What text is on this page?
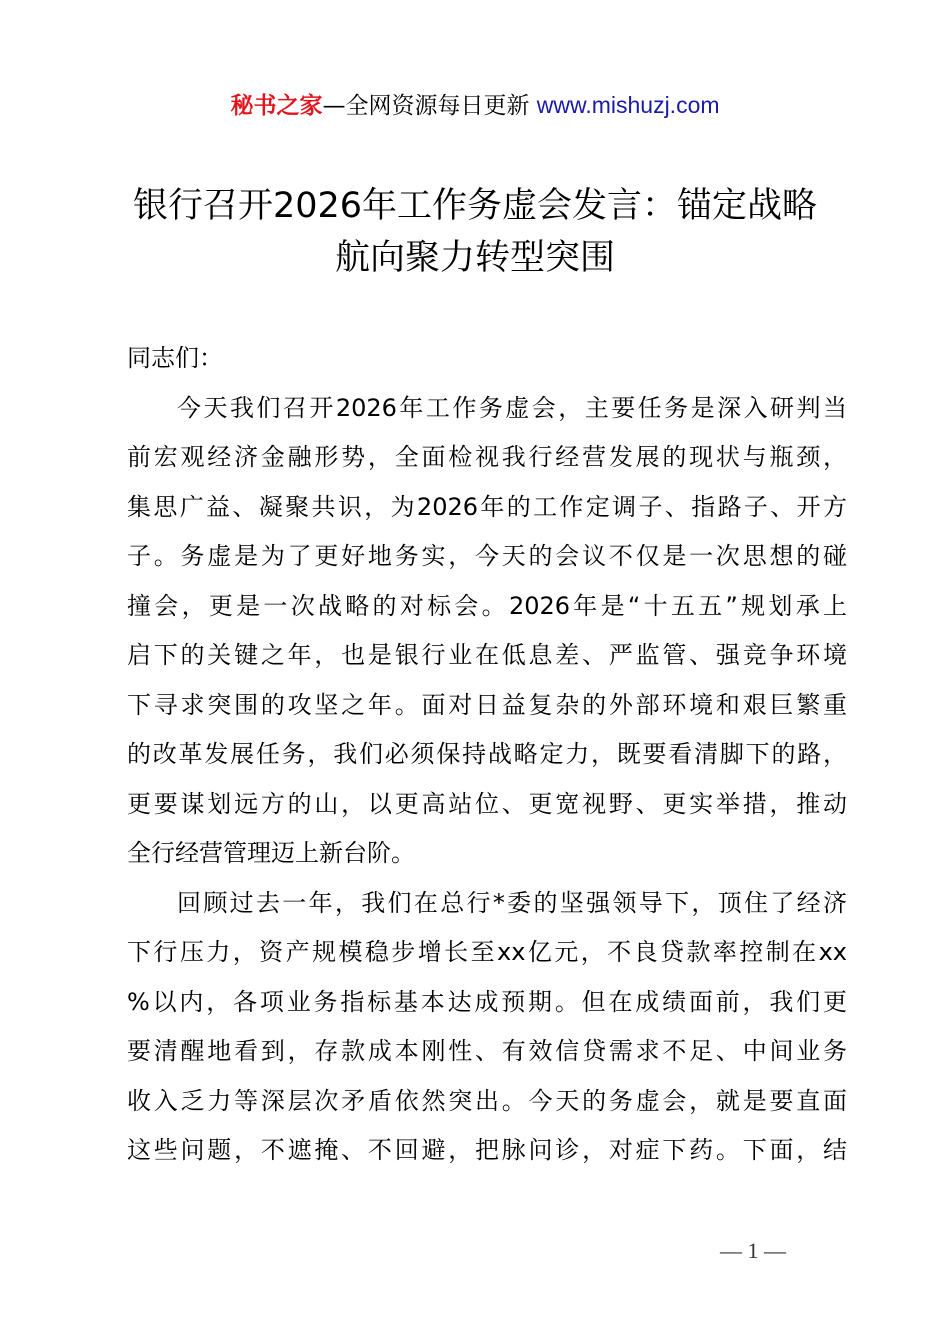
秘书之家—全网资源每日更新 www.mishuzj.com
银行召开2026年工作务虚会发言：锚定战略
航向聚力转型突围
同志们：
今天我们召开2026年工作务虚会，主要任务是深入研判当
前宏观经济金融形势，全面检视我行经营发展的现状与瓶颈，
集思广益、凝聚共识，为2026年的工作定调子、指路子、开方
子。务虚是为了更好地务实，今天的会议不仅是一次思想的碰
撞会，更是一次战略的对标会。2026年是“十五五”规划承上
启下的关键之年，也是银行业在低息差、严监管、强竞争环境
下寻求突围的攻坚之年。面对日益复杂的外部环境和艰巨繁重
的改革发展任务，我们必须保持战略定力，既要看清脚下的路，
更要谋划远方的山，以更高站位、更宽视野、更实举措，推动
全行经营管理迈上新台阶。
回顾过去一年，我们在总行*委的坚强领导下，顶住了经济
下行压力，资产规模稳步增长至xx亿元，不良贷款率控制在xx
%以内，各项业务指标基本达成预期。但在成绩面前，我们更
要清醒地看到，存款成本刚性、有效信贷需求不足、中间业务
收入乏力等深层次矛盾依然突出。今天的务虚会，就是要直面
这些问题，不遮掩、不回避，把脉问诊，对症下药。下面，结
— 1 —
